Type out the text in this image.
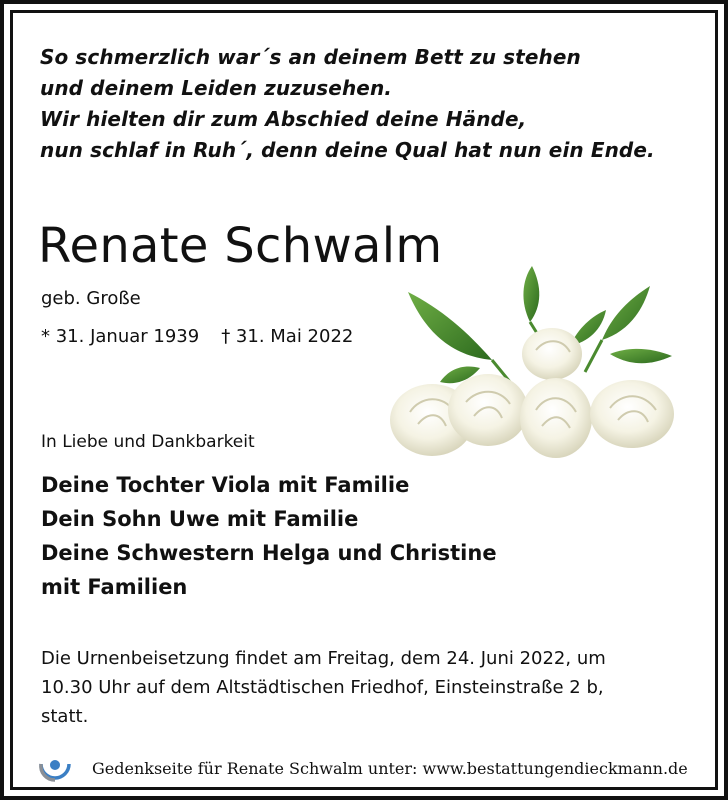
So schmerzlich war´s an deinem Bett zu stehen
und deinem Leiden zuzusehen.
Wir hielten dir zum Abschied deine Hände,
nun schlaf in Ruh´, denn deine Qual hat nun ein Ende.
Renate Schwalm
geb. Große
* 31. Januar 1939 † 31. Mai 2022
In Liebe und Dankbarkeit
Deine Tochter Viola mit Familie
Dein Sohn Uwe mit Familie
Deine Schwestern Helga und Christine
mit Familien
Die Urnenbeisetzung findet am Freitag, dem 24. Juni 2022, um
10.30 Uhr auf dem Altstädtischen Friedhof, Einsteinstraße 2 b,
statt.
Gedenkseite für Renate Schwalm unter: www.bestattungendieckmann.de
